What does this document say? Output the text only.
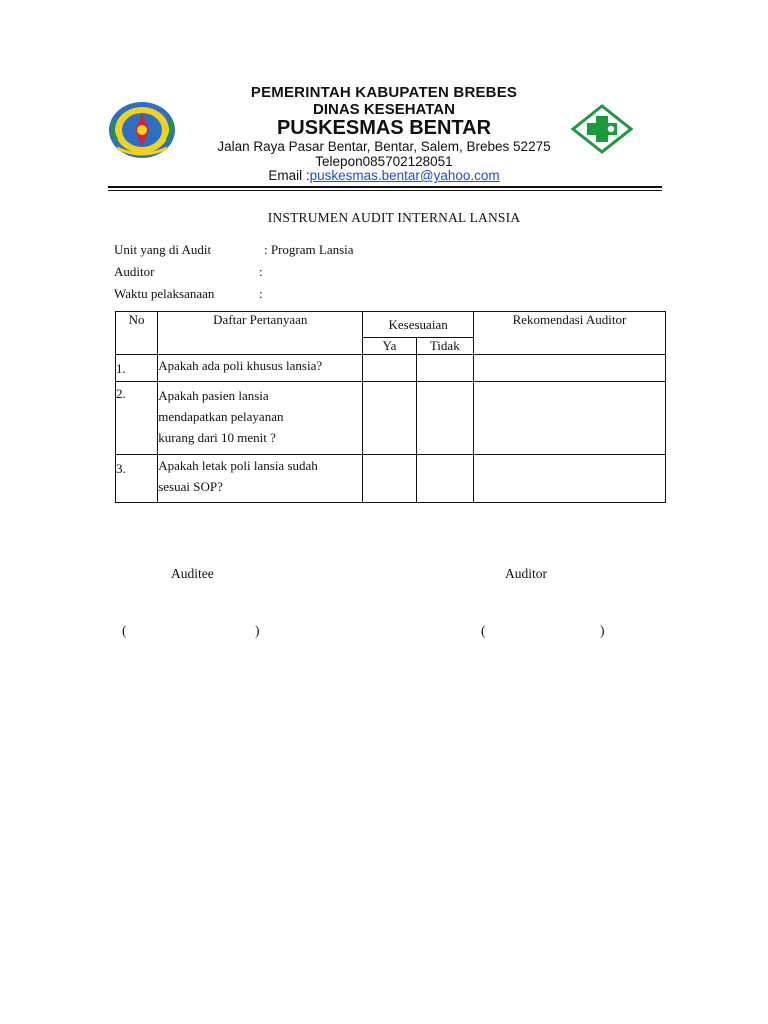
PEMERINTAH KABUPATEN BREBES
DINAS KESEHATAN
PUSKESMAS BENTAR
Jalan Raya Pasar Bentar, Bentar, Salem, Brebes 52275
Telepon085702128051
Email :puskesmas.bentar@yahoo.com
INSTRUMEN AUDIT INTERNAL LANSIA
Unit yang di Audit	: Program Lansia
Auditor	:
Waktu pelaksanaan	:
No	Daftar Pertanyaan	Kesesuaian		Rekomendasi Auditor
		Ya	Tidak	
1.	Apakah ada poli khusus lansia?			

2.	Apakah pasien lansia
mendapatkan pelayanan
kurang dari 10 menit ?			

3.	Apakah letak poli lansia sudah
sesuai SOP?			

Auditee	Auditor
(	)	(	)
